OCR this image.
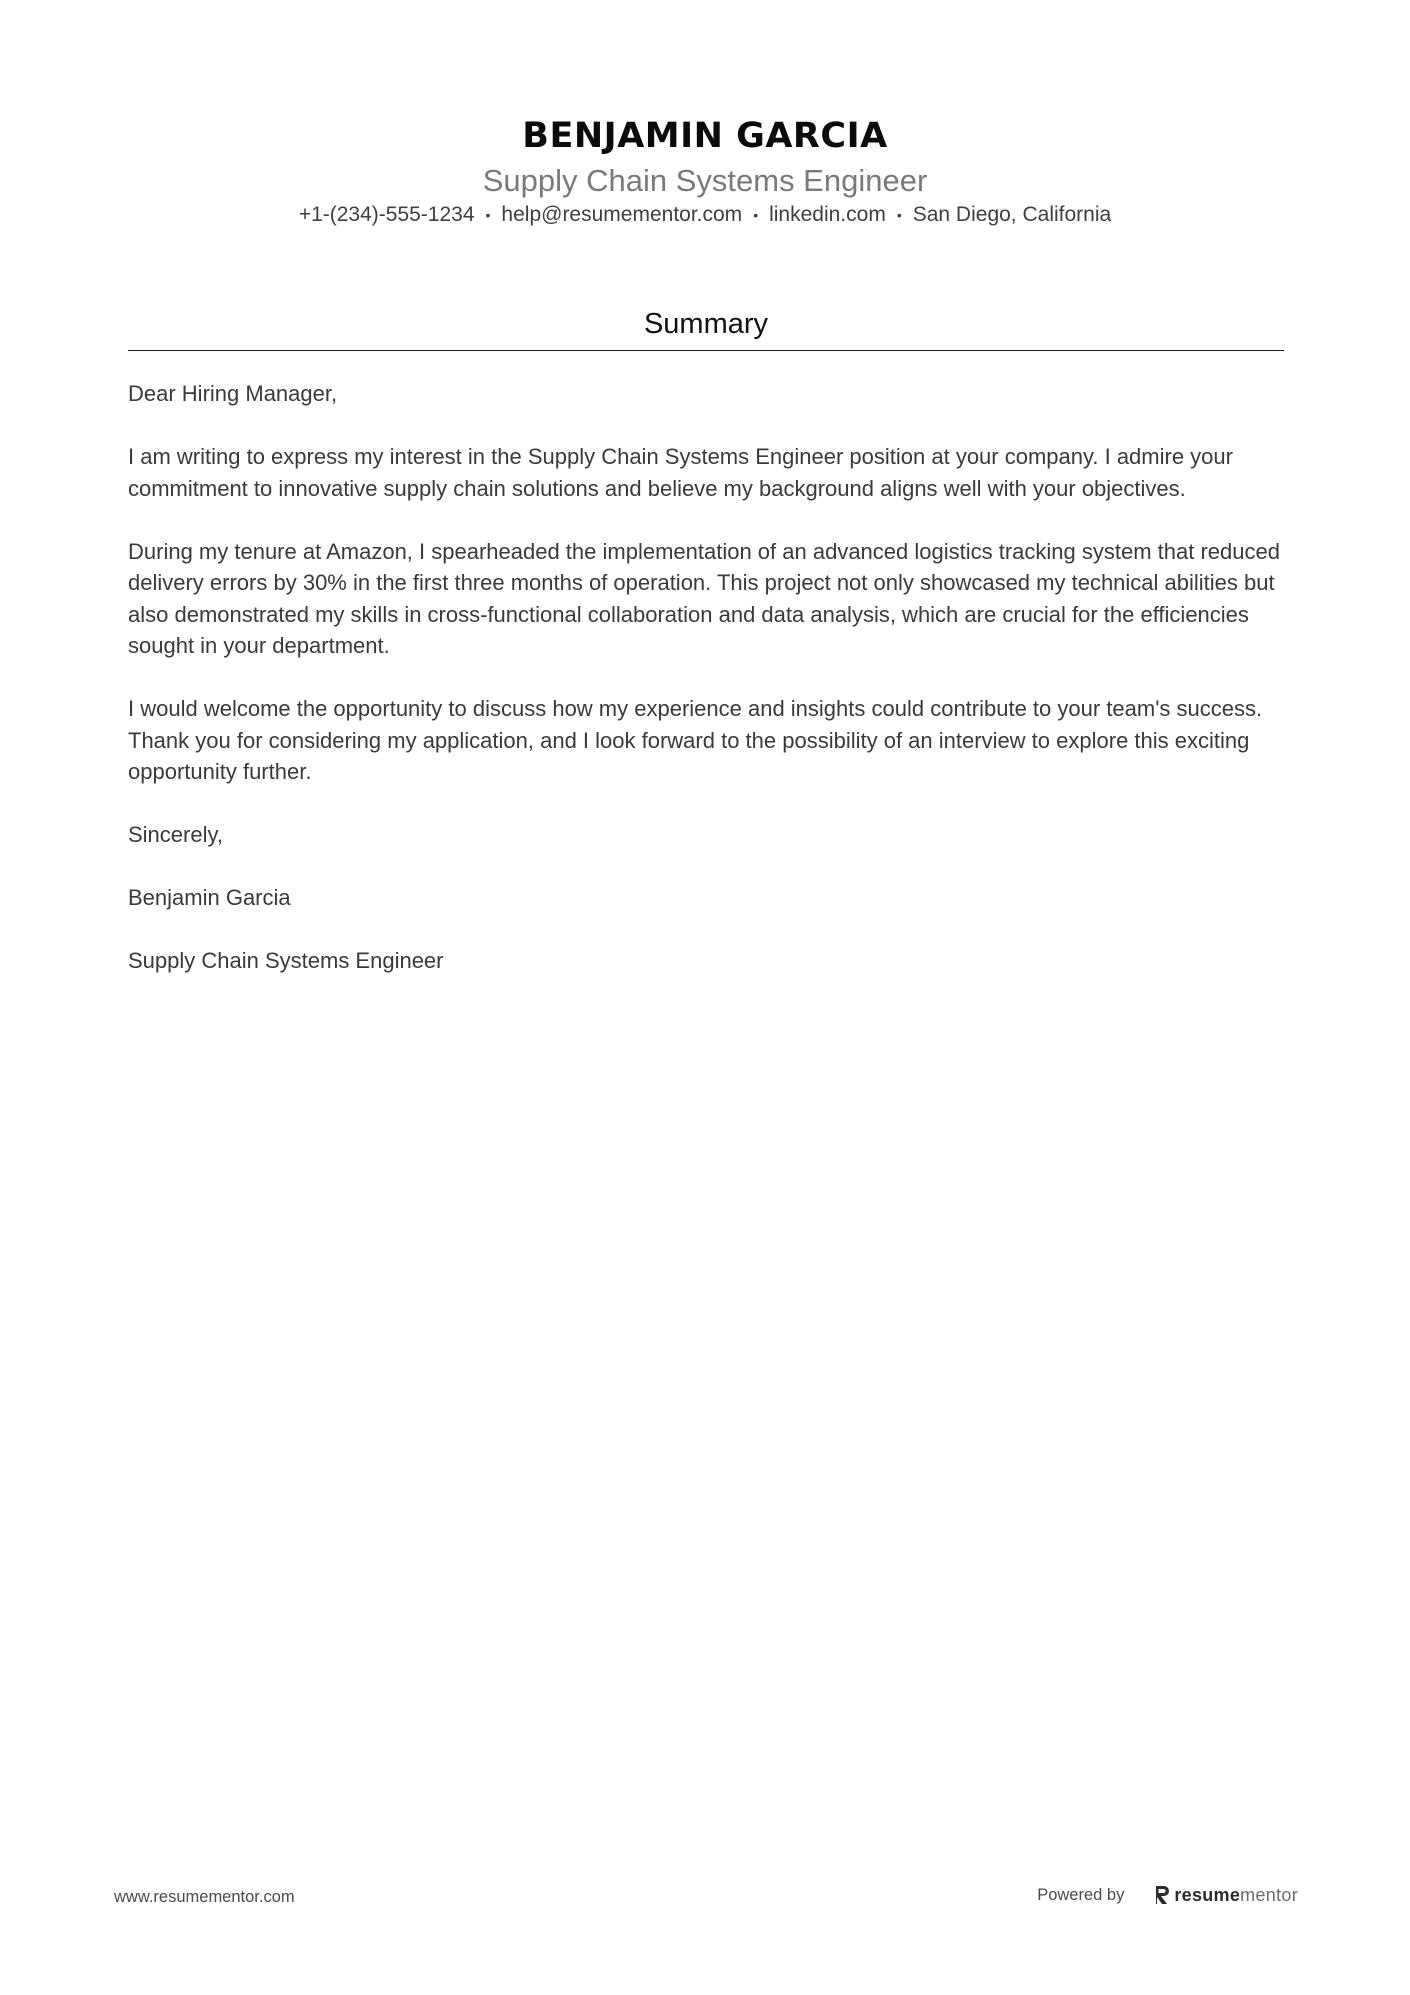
BENJAMIN GARCIA
Supply Chain Systems Engineer
+1-(234)-555-1234 • help@resumementor.com • linkedin.com • San Diego, California
Summary

Dear Hiring Manager,

I am writing to express my interest in the Supply Chain Systems Engineer position at your company. I admire your commitment to innovative supply chain solutions and believe my background aligns well with your objectives.

During my tenure at Amazon, I spearheaded the implementation of an advanced logistics tracking system that reduced delivery errors by 30% in the first three months of operation. This project not only showcased my technical abilities but also demonstrated my skills in cross-functional collaboration and data analysis, which are crucial for the efficiencies sought in your department.

I would welcome the opportunity to discuss how my experience and insights could contribute to your team's success. Thank you for considering my application, and I look forward to the possibility of an interview to explore this exciting opportunity further.

Sincerely,

Benjamin Garcia

Supply Chain Systems Engineer

www.resumementor.com	Powered by	resumementor
